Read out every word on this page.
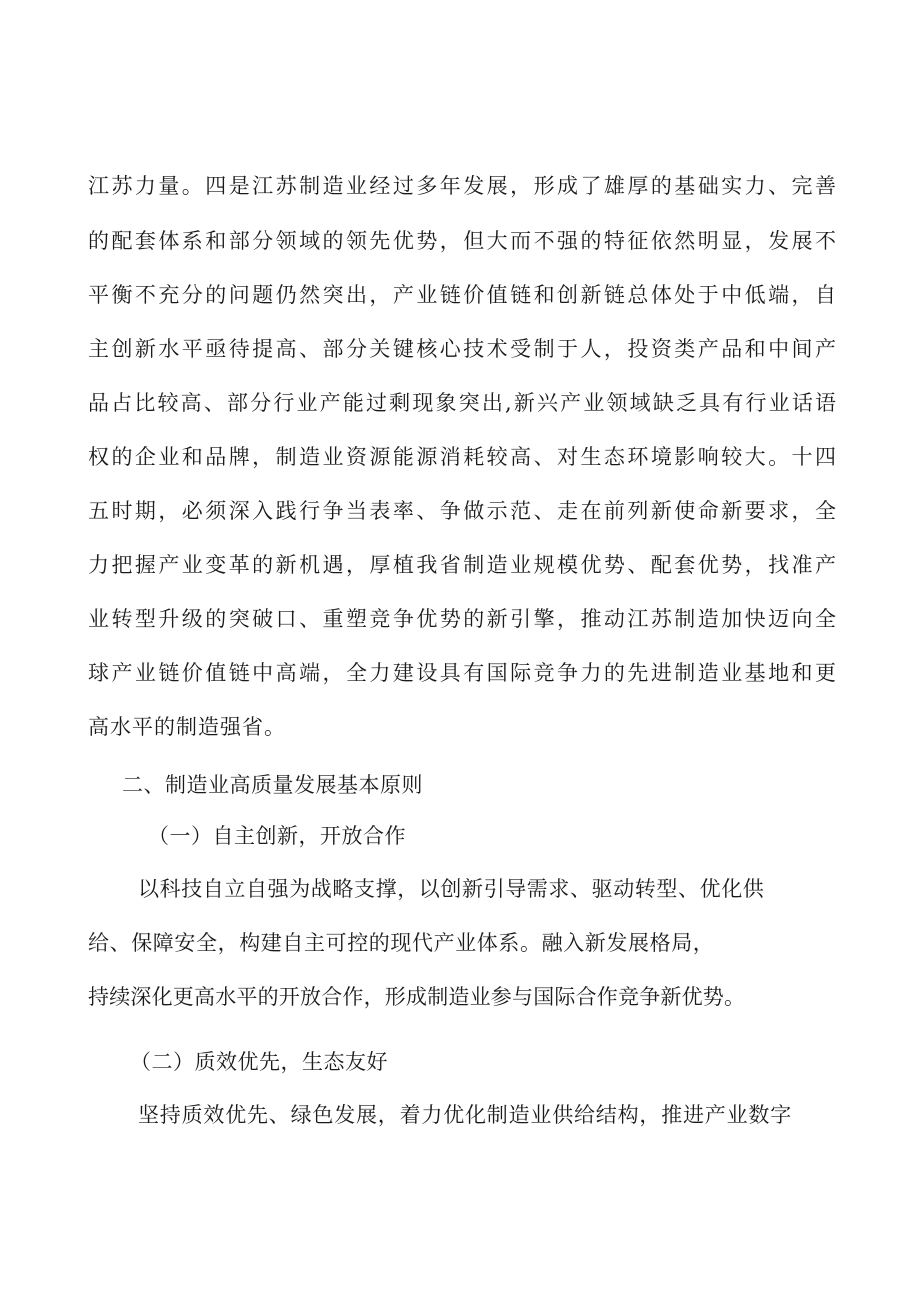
江苏力量。四是江苏制造业经过多年发展，形成了雄厚的基础实力、完善
的配套体系和部分领域的领先优势，但大而不强的特征依然明显，发展不
平衡不充分的问题仍然突出，产业链价值链和创新链总体处于中低端，自
主创新水平亟待提高、部分关键核心技术受制于人，投资类产品和中间产
品占比较高、部分行业产能过剩现象突出,新兴产业领域缺乏具有行业话语
权的企业和品牌，制造业资源能源消耗较高、对生态环境影响较大。十四
五时期，必须深入践行争当表率、争做示范、走在前列新使命新要求，全
力把握产业变革的新机遇，厚植我省制造业规模优势、配套优势，找准产
业转型升级的突破口、重塑竞争优势的新引擎，推动江苏制造加快迈向全
球产业链价值链中高端，全力建设具有国际竞争力的先进制造业基地和更
高水平的制造强省。
二、制造业高质量发展基本原则
（一）自主创新，开放合作
以科技自立自强为战略支撑，以创新引导需求、驱动转型、优化供
给、保障安全，构建自主可控的现代产业体系。融入新发展格局，
持续深化更高水平的开放合作，形成制造业参与国际合作竞争新优势。
（二）质效优先，生态友好
坚持质效优先、绿色发展，着力优化制造业供给结构，推进产业数字
